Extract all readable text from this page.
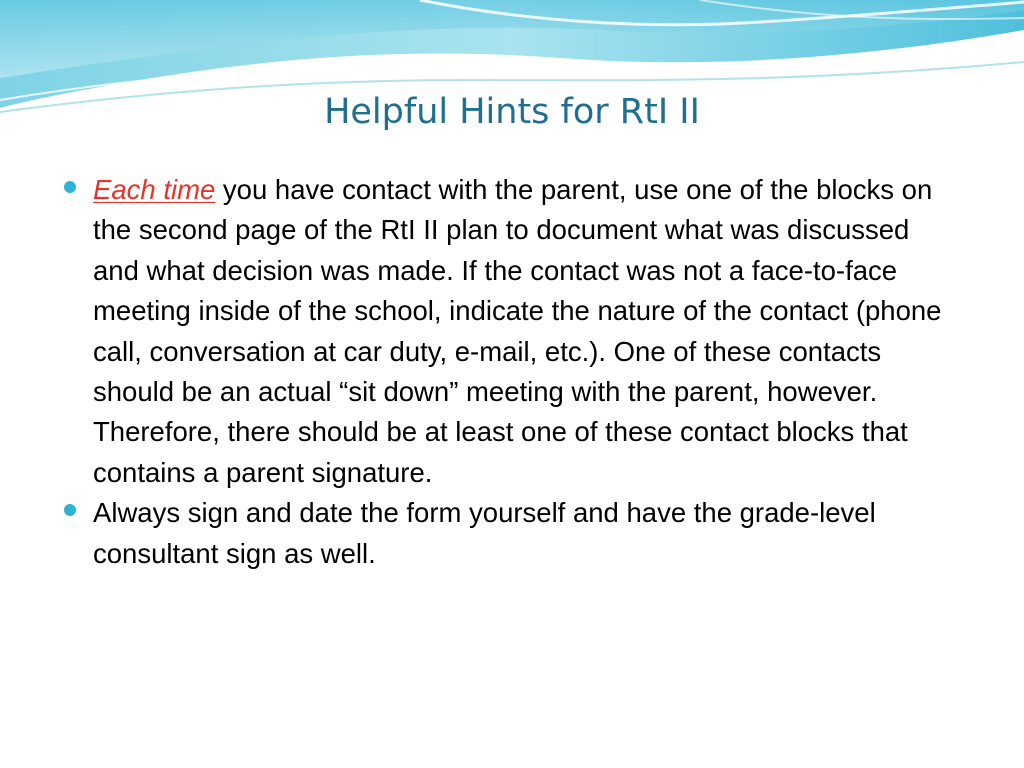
Helpful Hints for RtI II
Each time you have contact with the parent, use one of the blocks on the second page of the RtI II plan to document what was discussed and what decision was made. If the contact was not a face-to-face meeting inside of the school, indicate the nature of the contact (phone call, conversation at car duty, e-mail, etc.). One of these contacts should be an actual “sit down” meeting with the parent, however. Therefore, there should be at least one of these contact blocks that contains a parent signature.
Always sign and date the form yourself and have the grade-level consultant sign as well.
